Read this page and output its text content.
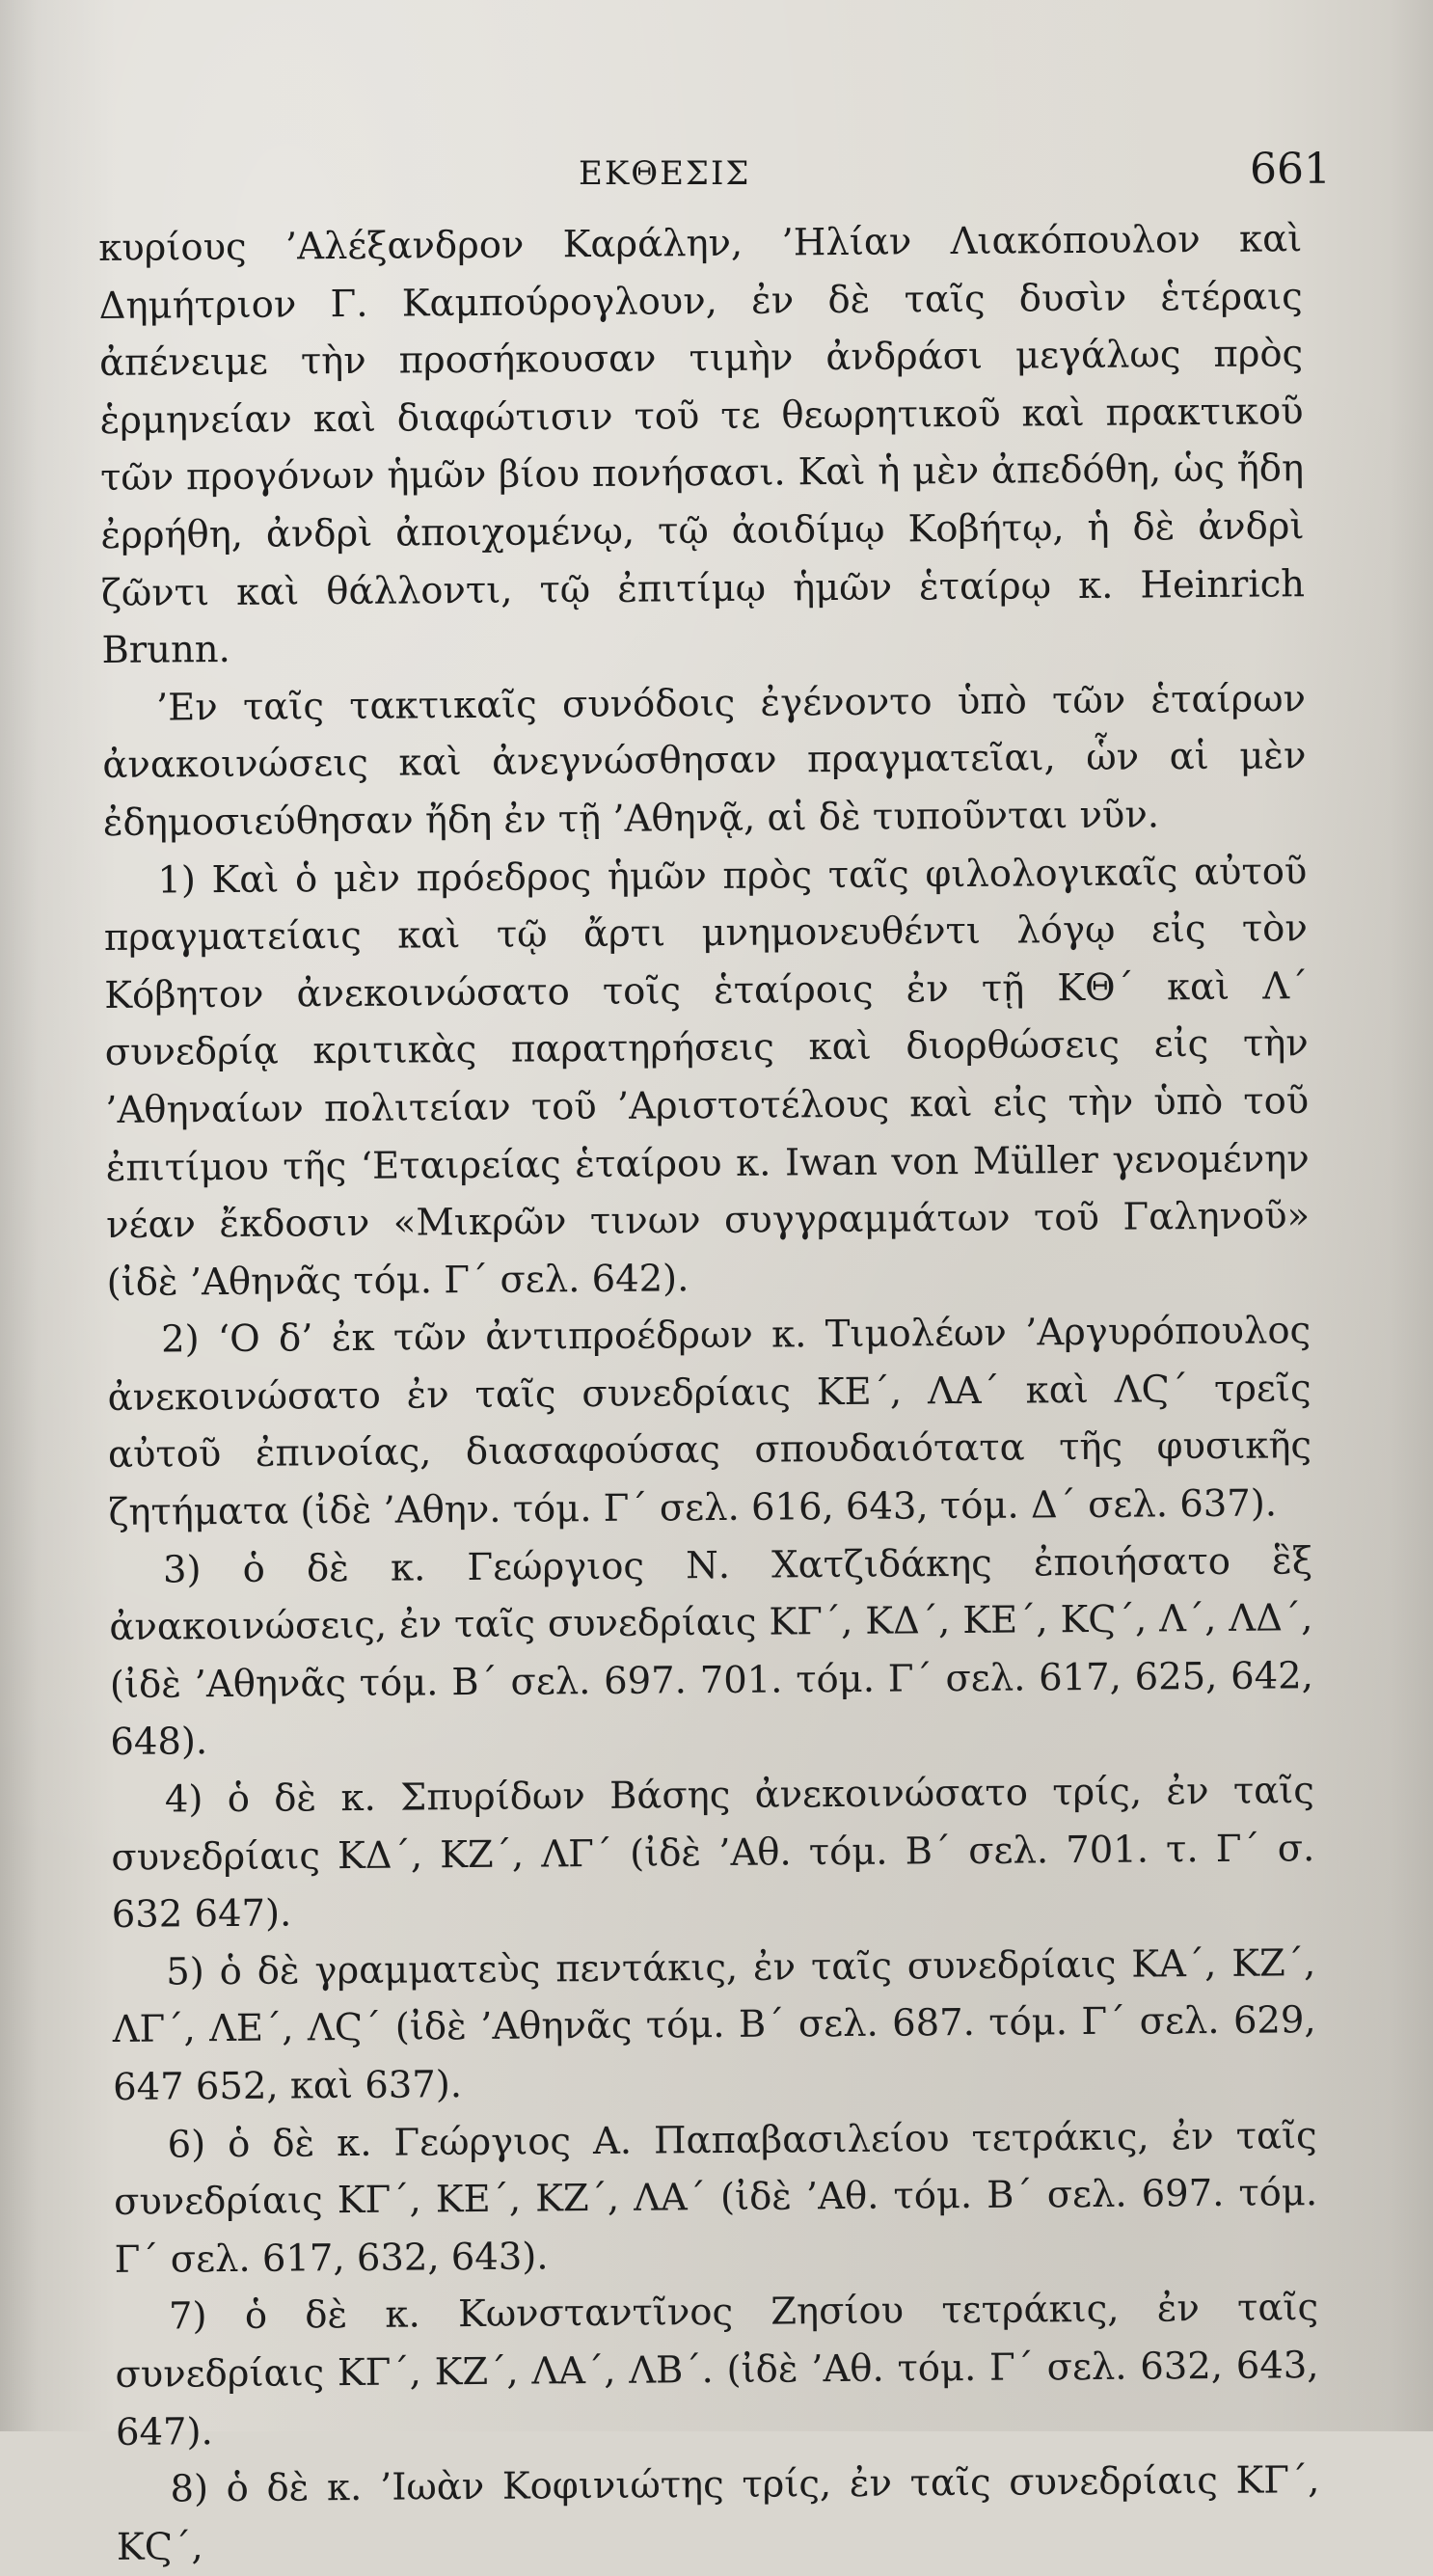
ΕΚΘΕΣΙΣ	661

κυρίους ’Αλέξανδρον Καράλην, ’Ηλίαν Λιακόπουλον καὶ Δημήτριον Γ. Καμπούρογλουν, ἐν δὲ ταῖς δυσὶν ἑτέραις ἀπένειμε τὴν προσήκουσαν τιμὴν ἀνδράσι μεγάλως πρὸς ἑρμηνείαν καὶ διαφώτισιν τοῦ τε θεωρητικοῦ καὶ πρακτικοῦ τῶν προγόνων ἡμῶν βίου πονήσασι. Καὶ ἡ μὲν ἀπεδόθη, ὡς ἤδη ἐρρήθη, ἀνδρὶ ἀποιχομένῳ, τῷ ἀοιδίμῳ Κοβήτῳ, ἡ δὲ ἀνδρὶ ζῶντι καὶ θάλλοντι, τῷ ἐπιτίμῳ ἡμῶν ἑταίρῳ κ. Heinrich Brunn.

’Εν ταῖς τακτικαῖς συνόδοις ἐγένοντο ὑπὸ τῶν ἑταίρων ἀνακοινώσεις καὶ ἀνεγνώσθησαν πραγματεῖαι, ὧν αἱ μὲν ἐδημοσιεύθησαν ἤδη ἐν τῇ ’Αθηνᾷ, αἱ δὲ τυποῦνται νῦν.

1) Καὶ ὁ μὲν πρόεδρος ἡμῶν πρὸς ταῖς φιλολογικαῖς αὐτοῦ πραγματείαις καὶ τῷ ἄρτι μνημονευθέντι λόγῳ εἰς τὸν Κόβητον ἀνεκοινώσατο τοῖς ἑταίροις ἐν τῇ ΚΘ΄ καὶ Λ΄ συνεδρίᾳ κριτικὰς παρατηρήσεις καὶ διορθώσεις εἰς τὴν ’Αθηναίων πολιτείαν τοῦ ’Αριστοτέλους καὶ εἰς τὴν ὑπὸ τοῦ ἐπιτίμου τῆς ‘Εταιρείας ἑταίρου κ. Iwan von Müller γενομένην νέαν ἔκδοσιν «Μικρῶν τινων συγγραμμάτων τοῦ Γαληνοῦ» (ἰδὲ ’Αθηνᾶς τόμ. Γ΄ σελ. 642).

2) ‘Ο δ’ ἐκ τῶν ἀντιπροέδρων κ. Τιμολέων ’Αργυρόπουλος ἀνεκοινώσατο ἐν ταῖς συνεδρίαις ΚΕ΄, ΛΑ΄ καὶ ΛϚ΄ τρεῖς αὐτοῦ ἐπινοίας, διασαφούσας σπουδαιότατα τῆς φυσικῆς ζητήματα (ἰδὲ ’Αθην. τόμ. Γ΄ σελ. 616, 643, τόμ. Δ΄ σελ. 637).

3) ὁ δὲ κ. Γεώργιος Ν. Χατζιδάκης ἐποιήσατο ἓξ ἀνακοινώσεις, ἐν ταῖς συνεδρίαις ΚΓ΄, ΚΔ΄, ΚΕ΄, ΚϚ΄, Λ΄, ΛΔ΄, (ἰδὲ ’Αθηνᾶς τόμ. Β΄ σελ. 697. 701. τόμ. Γ΄ σελ. 617, 625, 642, 648).

4) ὁ δὲ κ. Σπυρίδων Βάσης ἀνεκοινώσατο τρίς, ἐν ταῖς συνεδρίαις ΚΔ΄, ΚΖ΄, ΛΓ΄ (ἰδὲ ’Αθ. τόμ. Β΄ σελ. 701. τ. Γ΄ σ. 632 647).

5) ὁ δὲ γραμματεὺς πεντάκις, ἐν ταῖς συνεδρίαις ΚΑ΄, ΚΖ΄, ΛΓ΄, ΛΕ΄, ΛϚ΄ (ἰδὲ ’Αθηνᾶς τόμ. Β΄ σελ. 687. τόμ. Γ΄ σελ. 629, 647 652, καὶ 637).

6) ὁ δὲ κ. Γεώργιος Α. Παπαβασιλείου τετράκις, ἐν ταῖς συνεδρίαις ΚΓ΄, ΚΕ΄, ΚΖ΄, ΛΑ΄ (ἰδὲ ’Αθ. τόμ. Β΄ σελ. 697. τόμ. Γ΄ σελ. 617, 632, 643).

7) ὁ δὲ κ. Κωνσταντῖνος Ζησίου τετράκις, ἐν ταῖς συνεδρίαις ΚΓ΄, ΚΖ΄, ΛΑ΄, ΛΒ΄. (ἰδὲ ’Αθ. τόμ. Γ΄ σελ. 632, 643, 647).

8) ὁ δὲ κ. ’Ιωὰν Κοφινιώτης τρίς, ἐν ταῖς συνεδρίαις ΚΓ΄, ΚϚ΄,
